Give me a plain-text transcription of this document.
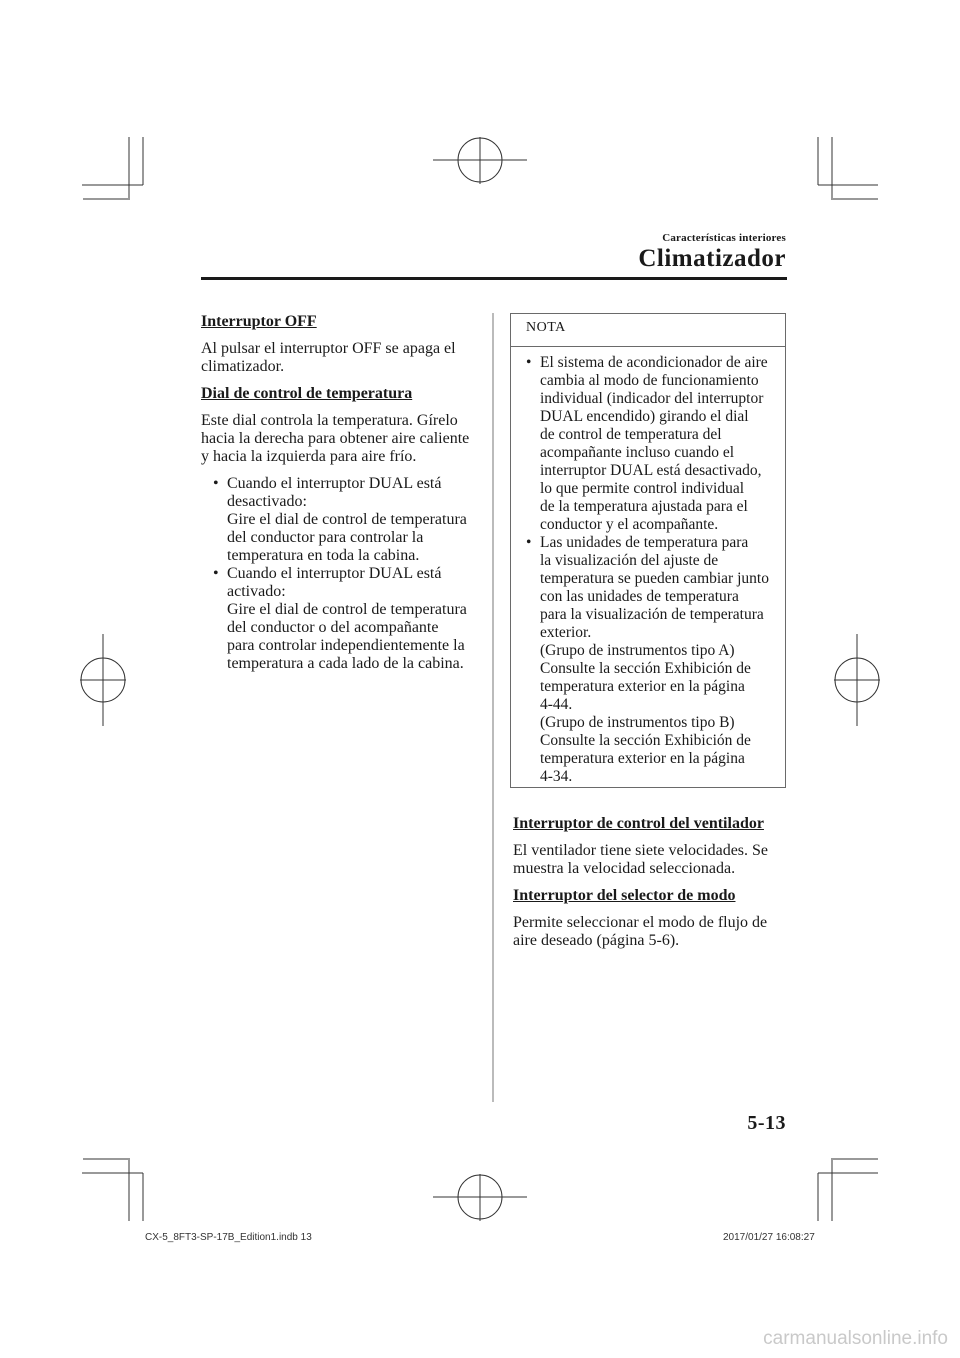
Características interiores
Climatizador

Interruptor OFF

Al pulsar el interruptor OFF se apaga el

climatizador.

Dial de control de temperatura

Este dial controla la temperatura. Gírelo

hacia la derecha para obtener aire caliente

y hacia la izquierda para aire frío.

• Cuando el interruptor DUAL está

desactivado:

Gire el dial de control de temperatura

del conductor para controlar la

temperatura en toda la cabina.

• Cuando el interruptor DUAL está

activado:

Gire el dial de control de temperatura

del conductor o del acompañante

para controlar independientemente la

temperatura a cada lado de la cabina.

NOTA
• El sistema de acondicionador de aire

cambia al modo de funcionamiento

individual (indicador del interruptor

DUAL encendido) girando el dial

de control de temperatura del

acompañante incluso cuando el

interruptor DUAL está desactivado,

lo que permite control individual

de la temperatura ajustada para el

conductor y el acompañante.

• Las unidades de temperatura para

la visualización del ajuste de

temperatura se pueden cambiar junto

con las unidades de temperatura

para la visualización de temperatura

exterior.

(Grupo de instrumentos tipo A)

Consulte la sección Exhibición de

temperatura exterior en la página

4-44.

(Grupo de instrumentos tipo B)

Consulte la sección Exhibición de

temperatura exterior en la página

4-34.

Interruptor de control del ventilador

El ventilador tiene siete velocidades. Se

muestra la velocidad seleccionada.

Interruptor del selector de modo

Permite seleccionar el modo de flujo de

aire deseado (página 5-6).

5-13
CX-5_8FT3-SP-17B_Edition1.indb 13	2017/01/27 16:08:27
carmanualsonline.info
